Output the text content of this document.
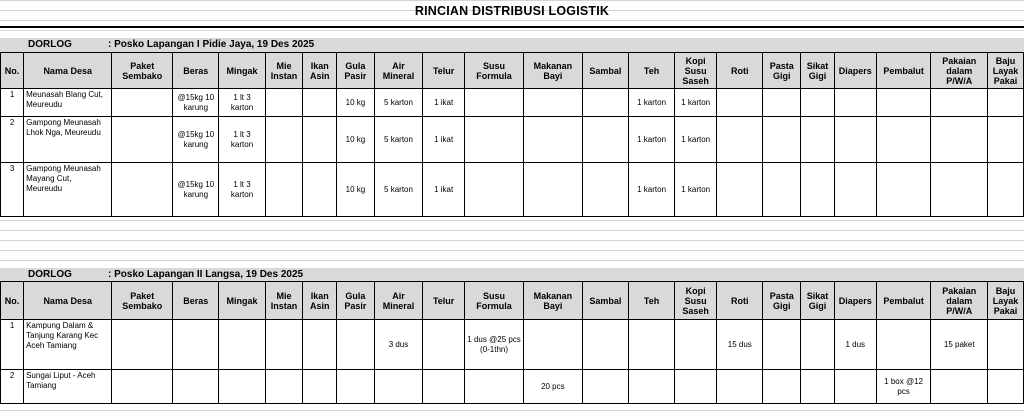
RINCIAN DISTRIBUSI LOGISTIK
DORLOG	: Posko Lapangan I Pidie Jaya, 19 Des 2025
No.	Nama Desa	Paket Sembako	Beras	Mingak	Mie Instan	Ikan Asin	Gula Pasir	Air Mineral	Telur	Susu Formula	Makanan Bayi	Sambal	Teh	Kopi Susu Saseh	Roti	Pasta Gigi	Sikat Gigi	Diapers	Pembalut	Pakaian dalam P/W/A	Baju Layak Pakai
1	Meunasah Blang Cut, Meureudu		@15kg 10 karung	1 lt 3 karton			10 kg	5 karton	1 ikat				1 karton	1 karton							
2	Gampong Meunasah Lhok Nga, Meureudu		@15kg 10 karung	1 lt 3 karton			10 kg	5 karton	1 ikat				1 karton	1 karton							
3	Gampong Meunasah Mayang Cut, Meureudu		@15kg 10 karung	1 lt 3 karton			10 kg	5 karton	1 ikat				1 karton	1 karton							
DORLOG	: Posko Lapangan II Langsa, 19 Des 2025
No.	Nama Desa	Paket Sembako	Beras	Mingak	Mie Instan	Ikan Asin	Gula Pasir	Air Mineral	Telur	Susu Formula	Makanan Bayi	Sambal	Teh	Kopi Susu Saseh	Roti	Pasta Gigi	Sikat Gigi	Diapers	Pembalut	Pakaian dalam P/W/A	Baju Layak Pakai
1	Kampung Dalam & Tanjung Karang Kec Aceh Tamiang							3 dus		1 dus @25 pcs (0-1thn)					15 dus			1 dus		15 paket	
2	Sungai Liput - Aceh Tamiang										20 pcs								1 box @12 pcs		
